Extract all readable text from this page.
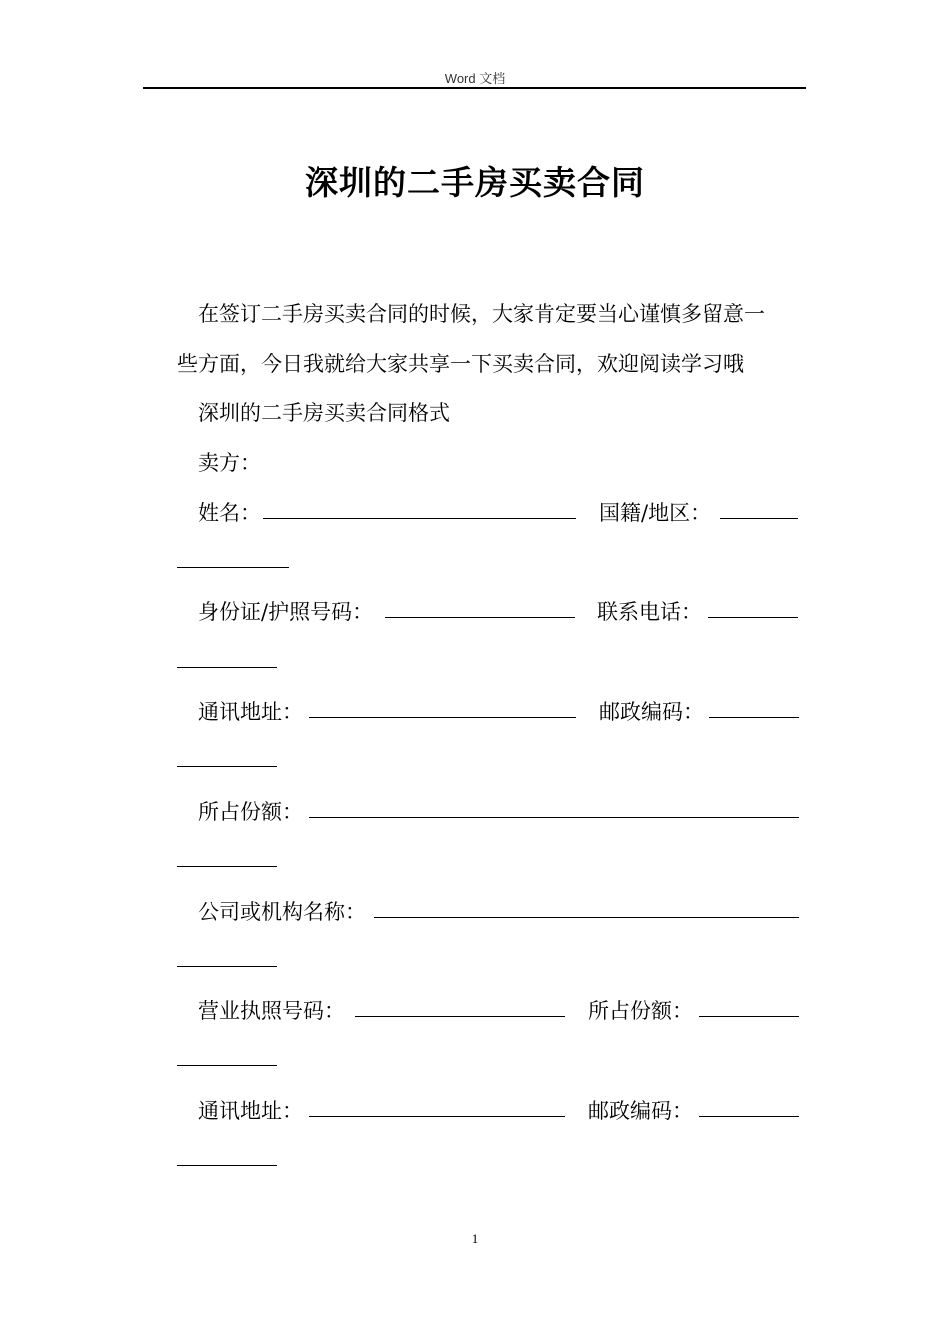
Word 文档
深圳的二手房买卖合同
在签订二手房买卖合同的时候，大家肯定要当心谨慎多留意一
些方面，今日我就给大家共享一下买卖合同，欢迎阅读学习哦
深圳的二手房买卖合同格式
卖方：
姓名：	国籍/地区：
身份证/护照号码：	联系电话：
通讯地址：	邮政编码：
所占份额：
公司或机构名称：
营业执照号码：	所占份额：
通讯地址：	邮政编码：
1
